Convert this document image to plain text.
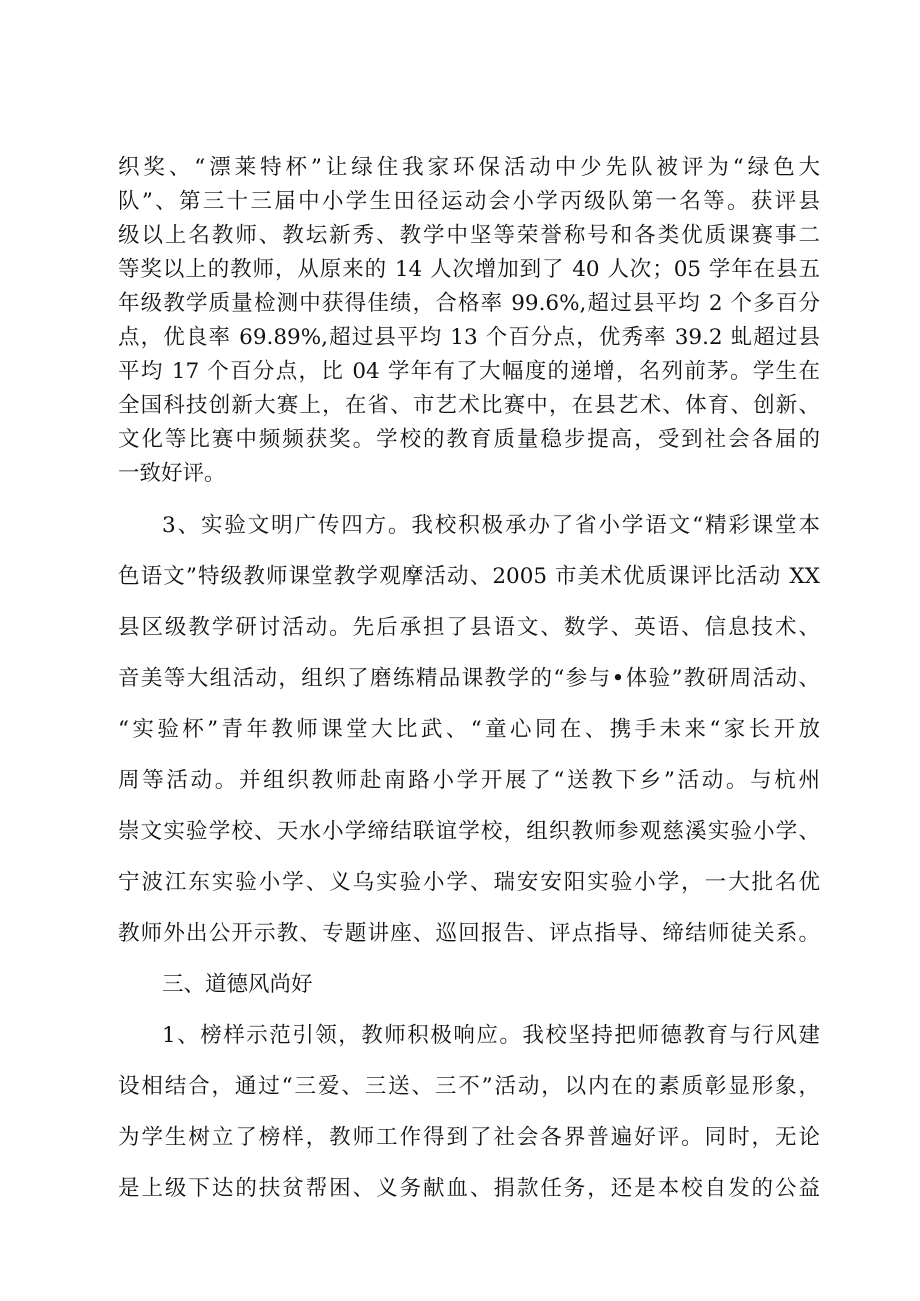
织奖、“漂莱特杯”让绿住我家环保活动中少先队被评为“绿色大
队”、第三十三届中小学生田径运动会小学丙级队第一名等。获评县
级以上名教师、教坛新秀、教学中坚等荣誉称号和各类优质课赛事二
等奖以上的教师，从原来的 14 人次增加到了 40 人次；05 学年在县五
年级教学质量检测中获得佳绩，合格率 99.6%,超过县平均 2 个多百分
点，优良率 69.89%,超过县平均 13 个百分点，优秀率 39.2 虬超过县
平均 17 个百分点，比 04 学年有了大幅度的递增，名列前茅。学生在
全国科技创新大赛上，在省、市艺术比赛中，在县艺术、体育、创新、
文化等比赛中频频获奖。学校的教育质量稳步提高，受到社会各届的
一致好评。
3、实验文明广传四方。我校积极承办了省小学语文“精彩课堂本
色语文”特级教师课堂教学观摩活动、2005 市美术优质课评比活动 XX
县区级教学研讨活动。先后承担了县语文、数学、英语、信息技术、
音美等大组活动，组织了磨练精品课教学的“参与•体验”教研周活动、
“实验杯”青年教师课堂大比武、“童心同在、携手未来“家长开放
周等活动。并组织教师赴南路小学开展了“送教下乡”活动。与杭州
崇文实验学校、天水小学缔结联谊学校，组织教师参观慈溪实验小学、
宁波江东实验小学、义乌实验小学、瑞安安阳实验小学，一大批名优
教师外出公开示教、专题讲座、巡回报告、评点指导、缔结师徒关系。
三、道德风尚好
1、榜样示范引领，教师积极响应。我校坚持把师德教育与行风建
设相结合，通过“三爱、三送、三不”活动，以内在的素质彰显形象，
为学生树立了榜样，教师工作得到了社会各界普遍好评。同时，无论
是上级下达的扶贫帮困、义务献血、捐款任务，还是本校自发的公益
